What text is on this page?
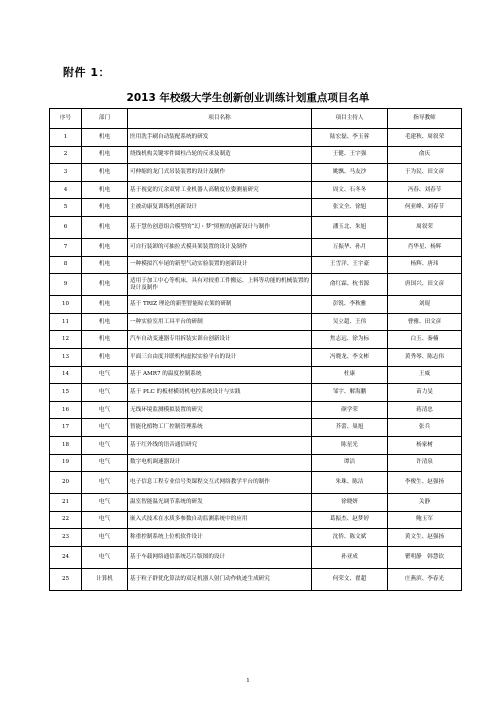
附件 1：
2013 年校级大学生创新创业训练计划重点项目名单
序号	部门	项目名称	项目主持人	指导教师
1	机电	医用洗手刷自动装配系统的研发	陆宏磊、李玉蓉	毛建秋、周叙荣
2	机电	绕线机构关键零件圆柱凸轮的反求及制造	王健、王宇强	俞庆
3	机电	可伸缩的龙门式吊装装置的设计及制作	姚飘、马友沙	于为民、田文彦
4	机电	基于视觉的冗余双臂工业机器人高精度位姿测量研究	周文、石冬冬	冯春、刘春节
5	机电	主被动康复训练机创新设计	张文全、徐旭	何亚峰、刘春节
6	机电	基于慧鱼创意组合模型的“幻・梦”照框的创新设计与制作	潘玉北、朱旭	周叙荣
7	机电	可自行装卸的可抽拉式模具架装置的设计及制作	万振华、孙月	肖华星、杨辉
8	机电	一种模拟汽车尾的新型气动实验装置的创新设计	王雪洋、王宇豪	杨辉、唐玮
9	机电	适用于加工中心等机床，具有对较重工件搬运、上料等功能的机械装置的设计及制作	俞红霖、杭书源	唐国兴、田文彦
10	机电	基于 TRIZ 理论的新型智能晾衣架的研制	彭锐、李秋雅	刘琨
11	机电	一种实验室用工具平台的研制	吴立超、王伟	曹雅、田文彦
12	机电	汽车自动变速器专用拆装实训台创新设计	焦志远、徐为标	白玉、秦楠
13	机电	平面三自由度并联机构虚拟实验平台的设计	冯晓龙、李文彬	黄秀琴、陈志伟
14	电气	基于 AMR7 的温度控制系统	杜康	王威
15	电气	基于 PLC 的板材横切机电控系统设计与实践	邹宇、解海鹏	苗力旻
16	电气	无线环境监测模拟装置的研究	颜学荣	蒋清忠
17	电气	智能化植物工厂控制管理系统	芥蕾、巢旭	张兵
18	电气	基于红外线的语音通信研究	陈星光	杨家树
19	电气	数字电机调速器设计	谭洁	许清泉
20	电气	电子信息工程专业信号类课程交互式网络教学平台的制作	朱珠、陈洁	李俊生、赵强扬
21	电气	温室智能温光调节系统的研发	徐晓妍	关静
22	电气	嵌入式技术在水质多参数自动监测系统中的应用	葛振杰、赵梦婷	鲍玉军
23	电气	称重控制系统上位机软件设计	沈侨、陈文斌	黄文生、赵强扬
24	电气	基于车载网络通信系统芯片版图的设计	孙亚成	瞿明静　韩慧钦
25	计算机	基于粒子群优化算法的双足机器人射门动作轨迹生成研究	何荣文、翟超	庄燕滨、李春光
1
